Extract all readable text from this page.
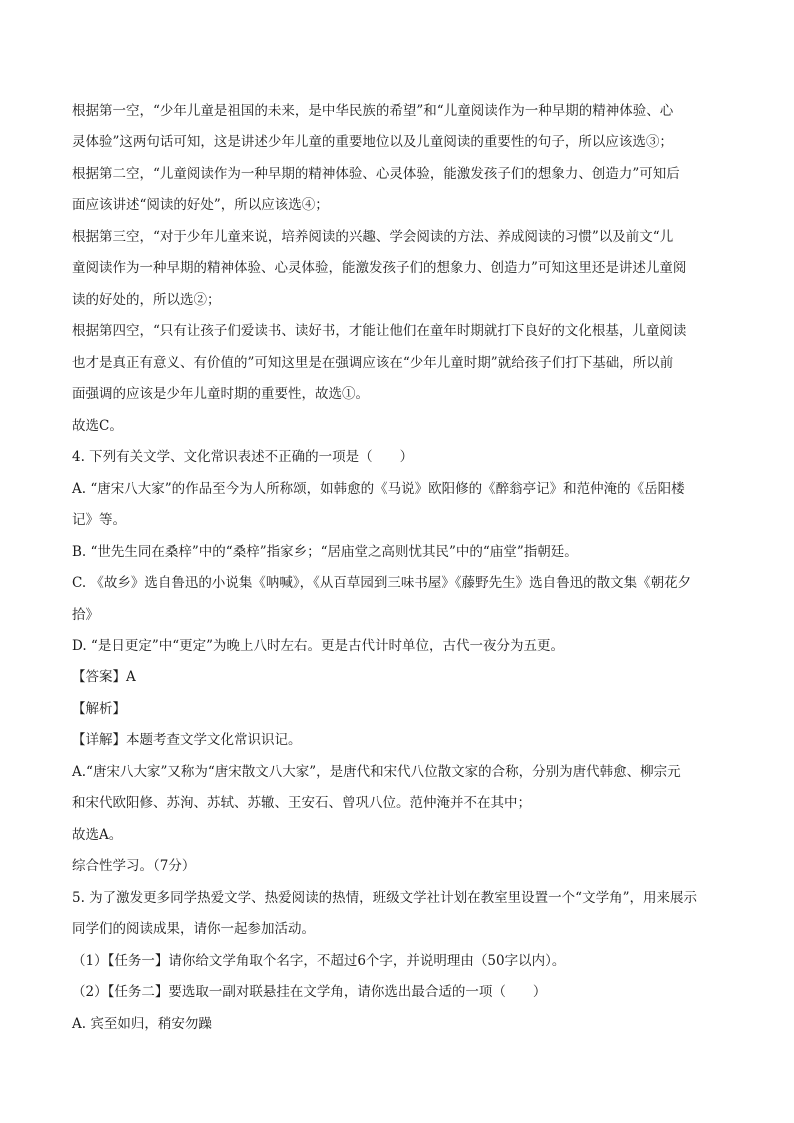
根据第一空，“少年儿童是祖国的未来，是中华民族的希望”和“儿童阅读作为一种早期的精神体验、心

灵体验”这两句话可知，这是讲述少年儿童的重要地位以及儿童阅读的重要性的句子，所以应该选③；

根据第二空，“儿童阅读作为一种早期的精神体验、心灵体验，能激发孩子们的想象力、创造力”可知后

面应该讲述“阅读的好处”，所以应该选④；

根据第三空，“对于少年儿童来说，培养阅读的兴趣、学会阅读的方法、养成阅读的习惯”以及前文“儿

童阅读作为一种早期的精神体验、心灵体验，能激发孩子们的想象力、创造力”可知这里还是讲述儿童阅

读的好处的，所以选②；

根据第四空，“只有让孩子们爱读书、读好书，才能让他们在童年时期就打下良好的文化根基，儿童阅读

也才是真正有意义、有价值的”可知这里是在强调应该在“少年儿童时期”就给孩子们打下基础，所以前

面强调的应该是少年儿童时期的重要性，故选①。

故选C。

4. 下列有关文学、文化常识表述不正确的一项是（　　）

A. “唐宋八大家”的作品至今为人所称颂，如韩愈的《马说》欧阳修的《醉翁亭记》和范仲淹的《岳阳楼

记》等。

B. “世先生同在桑梓”中的“桑梓”指家乡；“居庙堂之高则忧其民”中的“庙堂”指朝廷。

C. 《故乡》选自鲁迅的小说集《呐喊》，《从百草园到三味书屋》《藤野先生》选自鲁迅的散文集《朝花夕

拾》

D. “是日更定”中“更定”为晚上八时左右。更是古代计时单位，古代一夜分为五更。

【答案】A

【解析】

【详解】本题考查文学文化常识识记。

A.“唐宋八大家”又称为“唐宋散文八大家”，是唐代和宋代八位散文家的合称，分别为唐代韩愈、柳宗元

和宋代欧阳修、苏洵、苏轼、苏辙、王安石、曾巩八位。范仲淹并不在其中；

故选A。

综合性学习。（7分）

5. 为了激发更多同学热爱文学、热爱阅读的热情，班级文学社计划在教室里设置一个“文学角”，用来展示

同学们的阅读成果，请你一起参加活动。

（1）【任务一】请你给文学角取个名字，不超过6个字，并说明理由（50字以内）。

（2）【任务二】要选取一副对联悬挂在文学角，请你选出最合适的一项（　　）

A. 宾至如归，稍安勿躁
